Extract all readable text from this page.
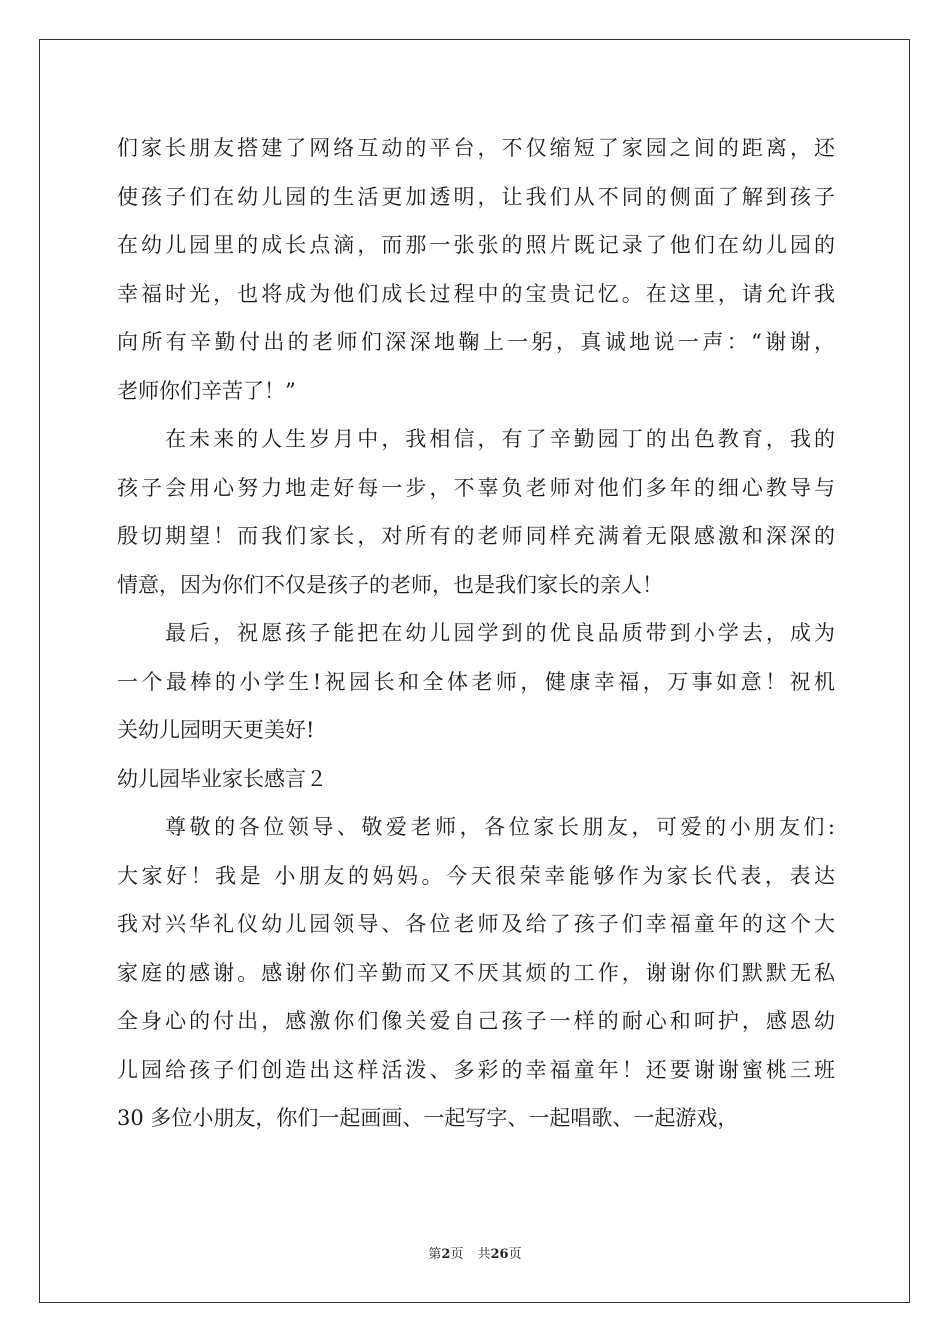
们家长朋友搭建了网络互动的平台，不仅缩短了家园之间的距离，还
使孩子们在幼儿园的生活更加透明，让我们从不同的侧面了解到孩子
在幼儿园里的成长点滴，而那一张张的照片既记录了他们在幼儿园的
幸福时光，也将成为他们成长过程中的宝贵记忆。在这里，请允许我
向所有辛勤付出的老师们深深地鞠上一躬，真诚地说一声：“谢谢，
老师你们辛苦了！”
在未来的人生岁月中，我相信，有了辛勤园丁的出色教育，我的
孩子会用心努力地走好每一步，不辜负老师对他们多年的细心教导与
殷切期望！而我们家长，对所有的老师同样充满着无限感激和深深的
情意，因为你们不仅是孩子的老师，也是我们家长的亲人！
最后，祝愿孩子能把在幼儿园学到的优良品质带到小学去，成为
一个最棒的小学生!祝园长和全体老师，健康幸福，万事如意！祝机
关幼儿园明天更美好!
幼儿园毕业家长感言２
尊敬的各位领导、敬爱老师，各位家长朋友，可爱的小朋友们:
大家好！我是 小朋友的妈妈。今天很荣幸能够作为家长代表，表达
我对兴华礼仪幼儿园领导、各位老师及给了孩子们幸福童年的这个大
家庭的感谢。感谢你们辛勤而又不厌其烦的工作，谢谢你们默默无私
全身心的付出，感激你们像关爱自己孩子一样的耐心和呵护，感恩幼
儿园给孩子们创造出这样活泼、多彩的幸福童年！还要谢谢蜜桃三班
30 多位小朋友，你们一起画画、一起写字、一起唱歌、一起游戏，
第2页 共26页
